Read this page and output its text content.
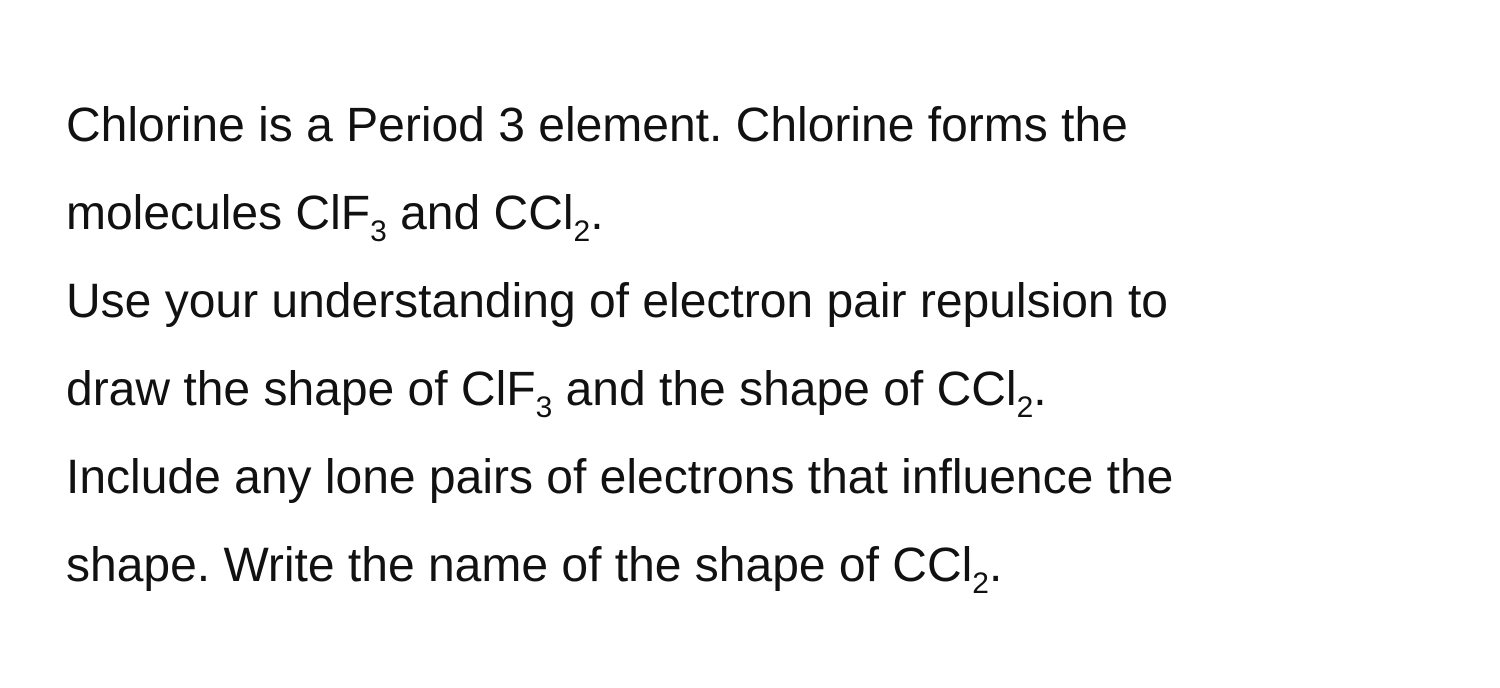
Chlorine is a Period 3 element. Chlorine forms the
molecules ClF$_3$ and CCl$_2$.
Use your understanding of electron pair repulsion to
draw the shape of ClF$_3$ and the shape of CCl$_2$.
Include any lone pairs of electrons that influence the
shape. Write the name of the shape of CCl$_2$.
